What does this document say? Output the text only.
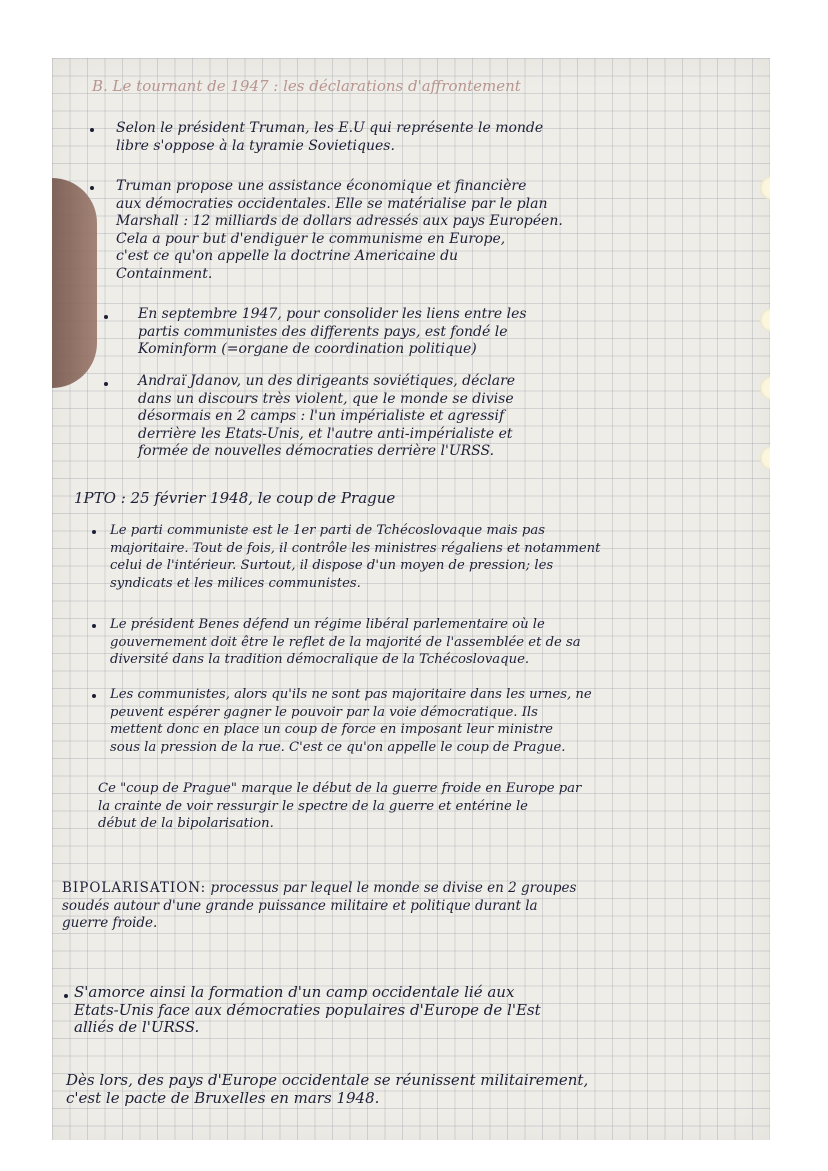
B. Le tournant de 1947 : les déclarations d'affrontement

Selon le président Truman, les E.U qui représente le monde
libre s'oppose à la tyramie Sovietiques.

Truman propose une assistance économique et financière
aux démocraties occidentales. Elle se matérialise par le plan
Marshall : 12 milliards de dollars adressés aux pays Européen.
Cela a pour but d'endiguer le communisme en Europe,
c'est ce qu'on appelle la doctrine Americaine du
Containment.

En septembre 1947, pour consolider les liens entre les
partis communistes des differents pays, est fondé le
Kominform (=organe de coordination politique)

Andraï Jdanov, un des dirigeants soviétiques, déclare
dans un discours très violent, que le monde se divise
désormais en 2 camps : l'un impérialiste et agressif
derrière les Etats-Unis, et l'autre anti-impérialiste et
formée de nouvelles démocraties derrière l'URSS.

1PTO : 25 février 1948, le coup de Prague

Le parti communiste est le 1er parti de Tchécoslovaque mais pas
majoritaire. Tout de fois, il contrôle les ministres régaliens et notamment
celui de l'intérieur. Surtout, il dispose d'un moyen de pression; les
syndicats et les milices communistes.

Le président Benes défend un régime libéral parlementaire où le
gouvernement doit être le reflet de la majorité de l'assemblée et de sa
diversité dans la tradition démocralique de la Tchécoslovaque.

Les communistes, alors qu'ils ne sont pas majoritaire dans les urnes, ne
peuvent espérer gagner le pouvoir par la voie démocratique. Ils
mettent donc en place un coup de force en imposant leur ministre
sous la pression de la rue. C'est ce qu'on appelle le coup de Prague.

Ce "coup de Prague" marque le début de la guerre froide en Europe par
la crainte de voir ressurgir le spectre de la guerre et entérine le
début de la bipolarisation.

BIPOLARISATION: processus par lequel le monde se divise en 2 groupes
soudés autour d'une grande puissance militaire et politique durant la
guerre froide.

S'amorce ainsi la formation d'un camp occidentale lié aux
Etats-Unis face aux démocraties populaires d'Europe de l'Est
alliés de l'URSS.

Dès lors, des pays d'Europe occidentale se réunissent militairement,
c'est le pacte de Bruxelles en mars 1948.
